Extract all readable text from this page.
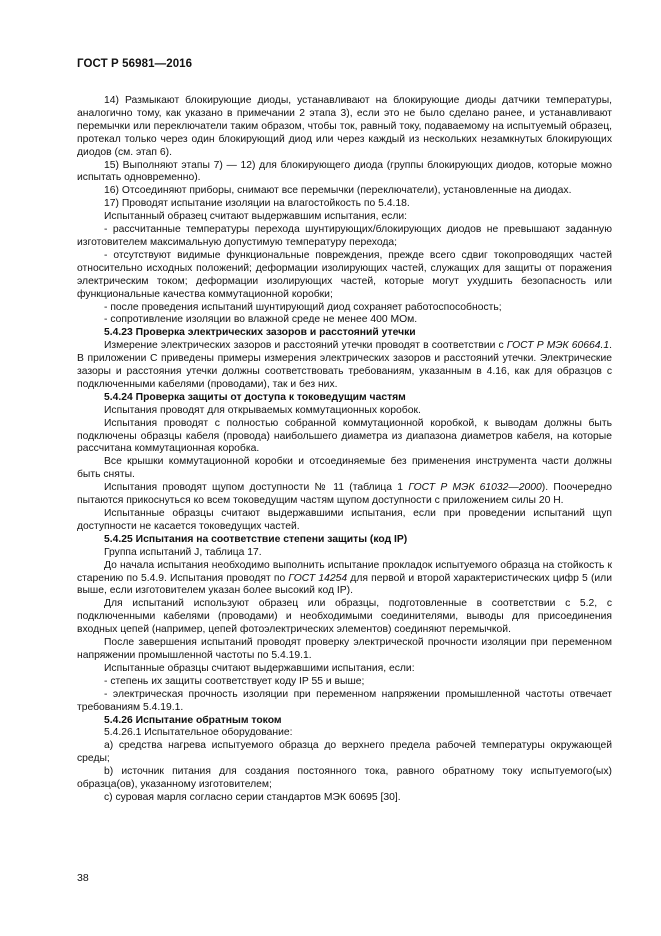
ГОСТ Р 56981—2016

14) Размыкают блокирующие диоды, устанавливают на блокирующие диоды датчики температуры, аналогично тому, как указано в примечании 2 этапа 3), если это не было сделано ранее, и устанавливают перемычки или переключатели таким образом, чтобы ток, равный току, подаваемому на испытуемый образец, протекал только через один блокирующий диод или через каждый из нескольких незамкнутых блокирующих диодов (см. этап 6).

15) Выполняют этапы 7) — 12) для блокирующего диода (группы блокирующих диодов, которые можно испытать одновременно).

16) Отсоединяют приборы, снимают все перемычки (переключатели), установленные на диодах.

17) Проводят испытание изоляции на влагостойкость по 5.4.18.

Испытанный образец считают выдержавшим испытания, если:

- рассчитанные температуры перехода шунтирующих/блокирующих диодов не превышают заданную изготовителем максимальную допустимую температуру перехода;

- отсутствуют видимые функциональные повреждения, прежде всего сдвиг токопроводящих частей относительно исходных положений; деформации изолирующих частей, служащих для защиты от поражения электрическим током; деформации изолирующих частей, которые могут ухудшить безопасность или функциональные качества коммутационной коробки;

- после проведения испытаний шунтирующий диод сохраняет работоспособность;

- сопротивление изоляции во влажной среде не менее 400 МОм.

5.4.23 Проверка электрических зазоров и расстояний утечки

Измерение электрических зазоров и расстояний утечки проводят в соответствии с ГОСТ Р МЭК 60664.1. В приложении С приведены примеры измерения электрических зазоров и расстояний утечки. Электрические зазоры и расстояния утечки должны соответствовать требованиям, указанным в 4.16, как для образцов с подключенными кабелями (проводами), так и без них.

5.4.24 Проверка защиты от доступа к токоведущим частям

Испытания проводят для открываемых коммутационных коробок.

Испытания проводят с полностью собранной коммутационной коробкой, к выводам должны быть подключены образцы кабеля (провода) наибольшего диаметра из диапазона диаметров кабеля, на которые рассчитана коммутационная коробка.

Все крышки коммутационной коробки и отсоединяемые без применения инструмента части должны быть сняты.

Испытания проводят щупом доступности № 11 (таблица 1 ГОСТ Р МЭК 61032—2000). Поочередно пытаются прикоснуться ко всем токоведущим частям щупом доступности с приложением силы 20 Н.

Испытанные образцы считают выдержавшими испытания, если при проведении испытаний щуп доступности не касается токоведущих частей.

5.4.25 Испытания на соответствие степени защиты (код IP)

Группа испытаний J, таблица 17.

До начала испытания необходимо выполнить испытание прокладок испытуемого образца на стойкость к старению по 5.4.9. Испытания проводят по ГОСТ 14254 для первой и второй характеристических цифр 5 (или выше, если изготовителем указан более высокий код IP).

Для испытаний используют образец или образцы, подготовленные в соответствии с 5.2, с подключенными кабелями (проводами) и необходимыми соединителями, выводы для присоединения входных цепей (например, цепей фотоэлектрических элементов) соединяют перемычкой.

После завершения испытаний проводят проверку электрической прочности изоляции при переменном напряжении промышленной частоты по 5.4.19.1.

Испытанные образцы считают выдержавшими испытания, если:

- степень их защиты соответствует коду IP 55 и выше;

- электрическая прочность изоляции при переменном напряжении промышленной частоты отвечает требованиям 5.4.19.1.

5.4.26 Испытание обратным током

5.4.26.1 Испытательное оборудование:

a) средства нагрева испытуемого образца до верхнего предела рабочей температуры окружающей среды;

b) источник питания для создания постоянного тока, равного обратному току испытуемого(ых) образца(ов), указанному изготовителем;

c) суровая марля согласно серии стандартов МЭК 60695 [30].

38
